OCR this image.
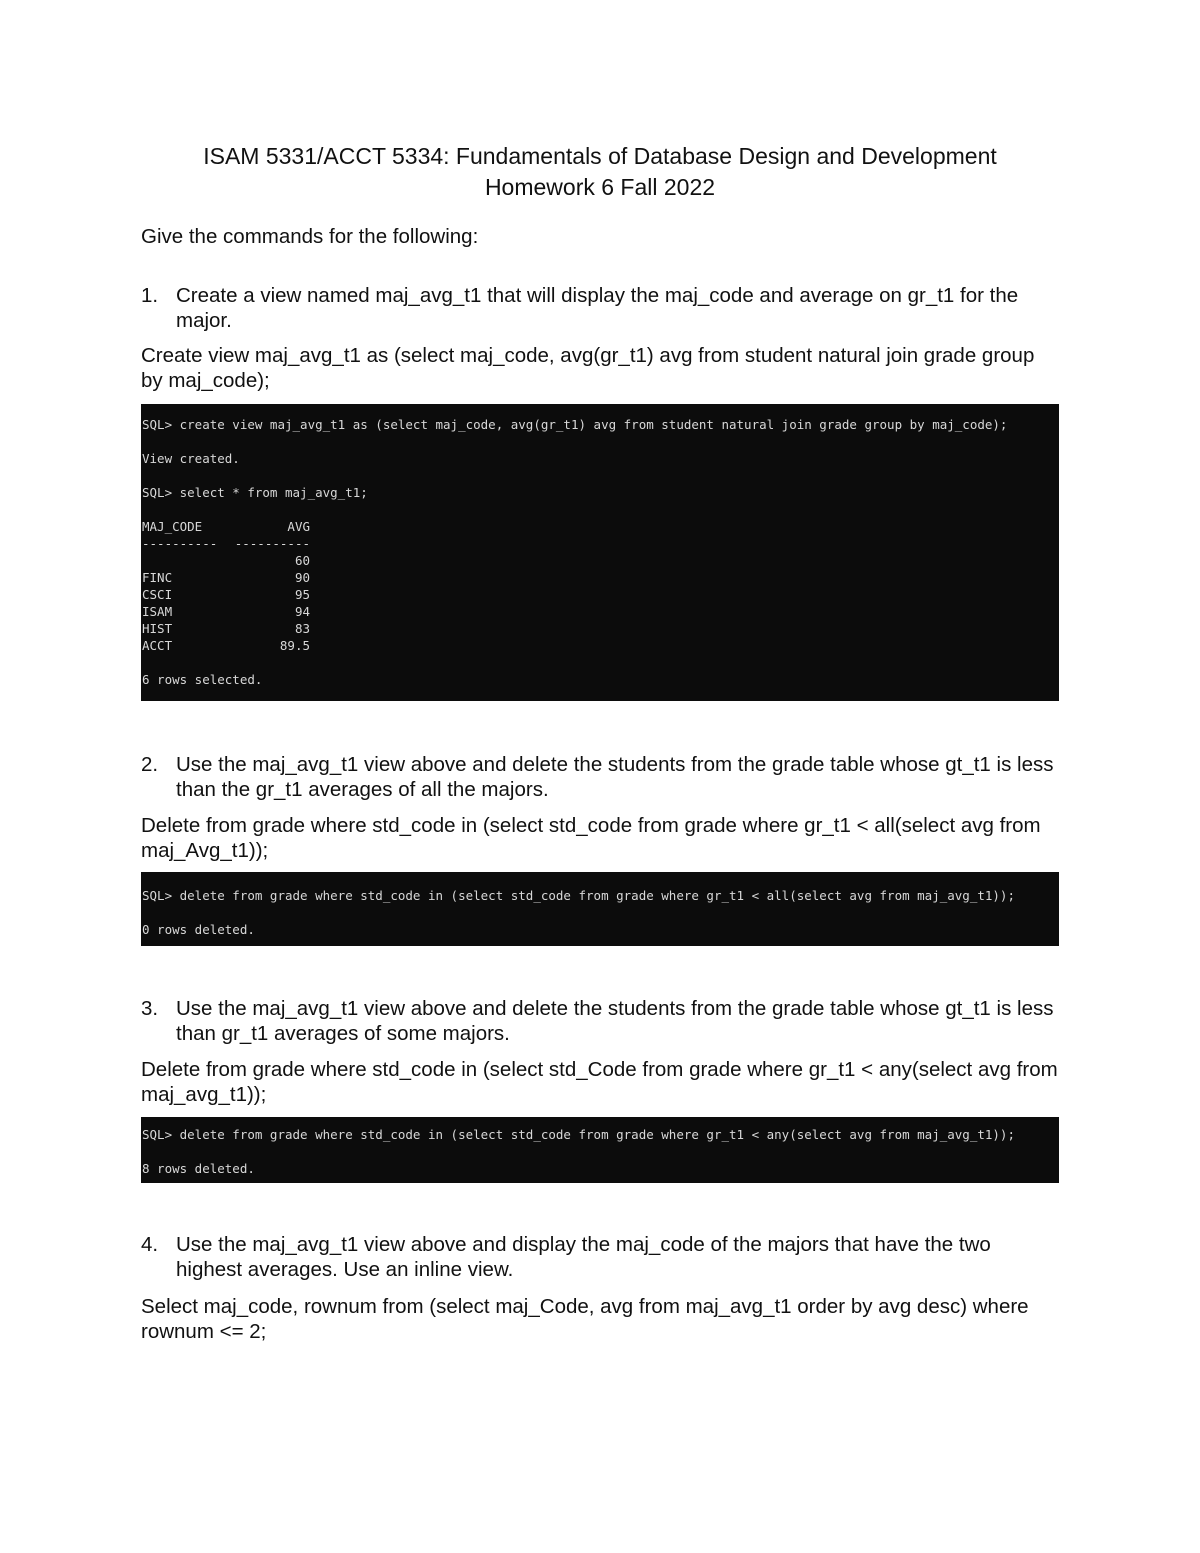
ISAM 5331/ACCT 5334: Fundamentals of Database Design and Development
Homework 6 Fall 2022

Give the commands for the following:

1. Create a view named maj_avg_t1 that will display the maj_code and average on gr_t1 for the major.

Create view maj_avg_t1 as (select maj_code, avg(gr_t1) avg from student natural join grade group by maj_code);

SQL> create view maj_avg_t1 as (select maj_code, avg(gr_t1) avg from student natural join grade group by maj_code);
View created.
SQL> select * from maj_avg_t1;
MAJ_CODE	AVG
----------	----------
	60
FINC	90
CSCI	95
ISAM	94
HIST	83
ACCT	89.5
6 rows selected.
2. Use the maj_avg_t1 view above and delete the students from the grade table whose gt_t1 is less than the gr_t1 averages of all the majors.

Delete from grade where std_code in (select std_code from grade where gr_t1 < all(select avg from maj_Avg_t1));

SQL> delete from grade where std_code in (select std_code from grade where gr_t1 < all(select avg from maj_avg_t1));
0 rows deleted.
3. Use the maj_avg_t1 view above and delete the students from the grade table whose gt_t1 is less than gr_t1 averages of some majors.

Delete from grade where std_code in (select std_Code from grade where gr_t1 < any(select avg from maj_avg_t1));

SQL> delete from grade where std_code in (select std_code from grade where gr_t1 < any(select avg from maj_avg_t1));
8 rows deleted.
4. Use the maj_avg_t1 view above and display the maj_code of the majors that have the two highest averages. Use an inline view.

Select maj_code, rownum from (select maj_Code, avg from maj_avg_t1 order by avg desc) where rownum <= 2;
